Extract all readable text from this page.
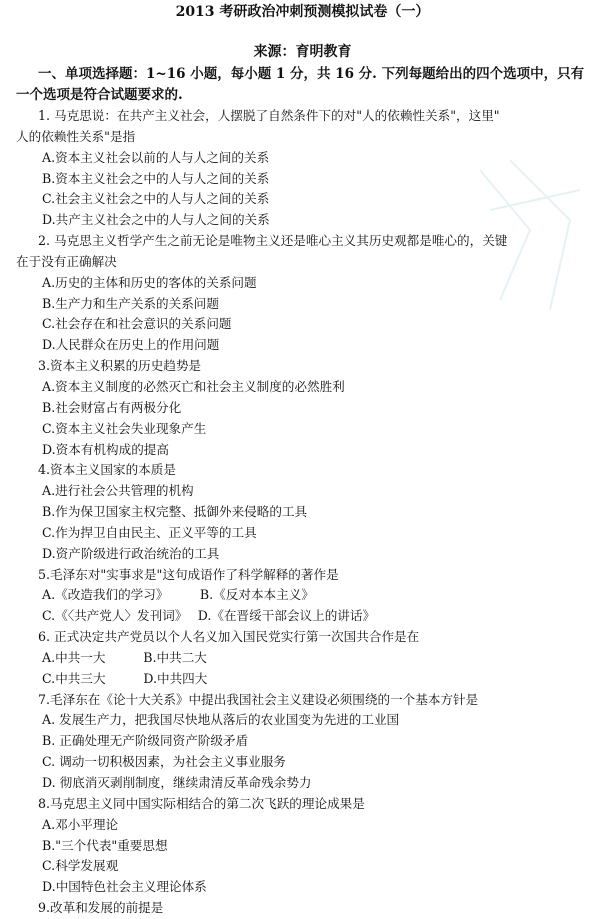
2013 考研政治冲刺预测模拟试卷（一）
来源：育明教育
一、单项选择题：1~16 小题，每小题 1 分，共 16 分. 下列每题给出的四个选项中，只有一个选项是符合试题要求的.
1. 马克思说：在共产主义社会，人摆脱了自然条件下的对"人的依赖性关系"，这里"
人的依赖性关系"是指
A.资本主义社会以前的人与人之间的关系
B.资本主义社会之中的人与人之间的关系
C.社会主义社会之中的人与人之间的关系
D.共产主义社会之中的人与人之间的关系
2. 马克思主义哲学产生之前无论是唯物主义还是唯心主义其历史观都是唯心的，关键
在于没有正确解决
A.历史的主体和历史的客体的关系问题
B.生产力和生产关系的关系问题
C.社会存在和社会意识的关系问题
D.人民群众在历史上的作用问题
3.资本主义积累的历史趋势是
A.资本主义制度的必然灭亡和社会主义制度的必然胜利
B.社会财富占有两极分化
C.资本主义社会失业现象产生
D.资本有机构成的提高
4.资本主义国家的本质是
A.进行社会公共管理的机构
B.作为保卫国家主权完整、抵御外来侵略的工具
C.作为捍卫自由民主、正义平等的工具
D.资产阶级进行政治统治的工具
5.毛泽东对"实事求是"这句成语作了科学解释的著作是
A.《改造我们的学习》　　　B.《反对本本主义》
C.《〈共产党人〉发刊词》　 D.《在晋绥干部会议上的讲话》
6. 正式决定共产党员以个人名义加入国民党实行第一次国共合作是在
A.中共一大　　　B.中共二大
C.中共三大　　　D.中共四大
7.毛泽东在《论十大关系》中提出我国社会主义建设必须围绕的一个基本方针是
A. 发展生产力，把我国尽快地从落后的农业国变为先进的工业国
B. 正确处理无产阶级同资产阶级矛盾
C. 调动一切积极因素，为社会主义事业服务
D. 彻底消灭剥削制度，继续肃清反革命残余势力
8.马克思主义同中国实际相结合的第二次飞跃的理论成果是
A.邓小平理论
B."三个代表"重要思想
C.科学发展观
D.中国特色社会主义理论体系
9.改革和发展的前提是
